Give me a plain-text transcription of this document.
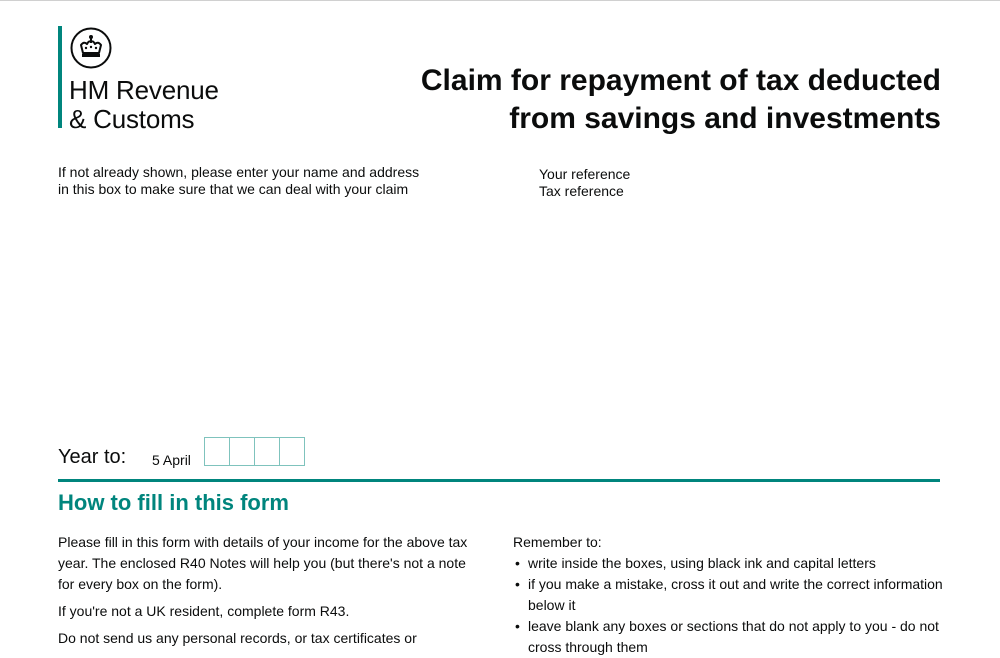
HM Revenue
& Customs
Claim for repayment of tax deducted
from savings and investments
If not already shown, please enter your name and address
in this box to make sure that we can deal with your claim
Your reference
Tax reference
Year to: 5 April
How to fill in this form

Please fill in this form with details of your income for the above tax year. The enclosed R40 Notes will help you (but there's not a note for every box on the form).

If you're not a UK resident, complete form R43.

Do not send us any personal records, or tax certificates or

Remember to:

• write inside the boxes, using black ink and capital letters
• if you make a mistake, cross it out and write the correct information below it
• leave blank any boxes or sections that do not apply to you - do not cross through them
